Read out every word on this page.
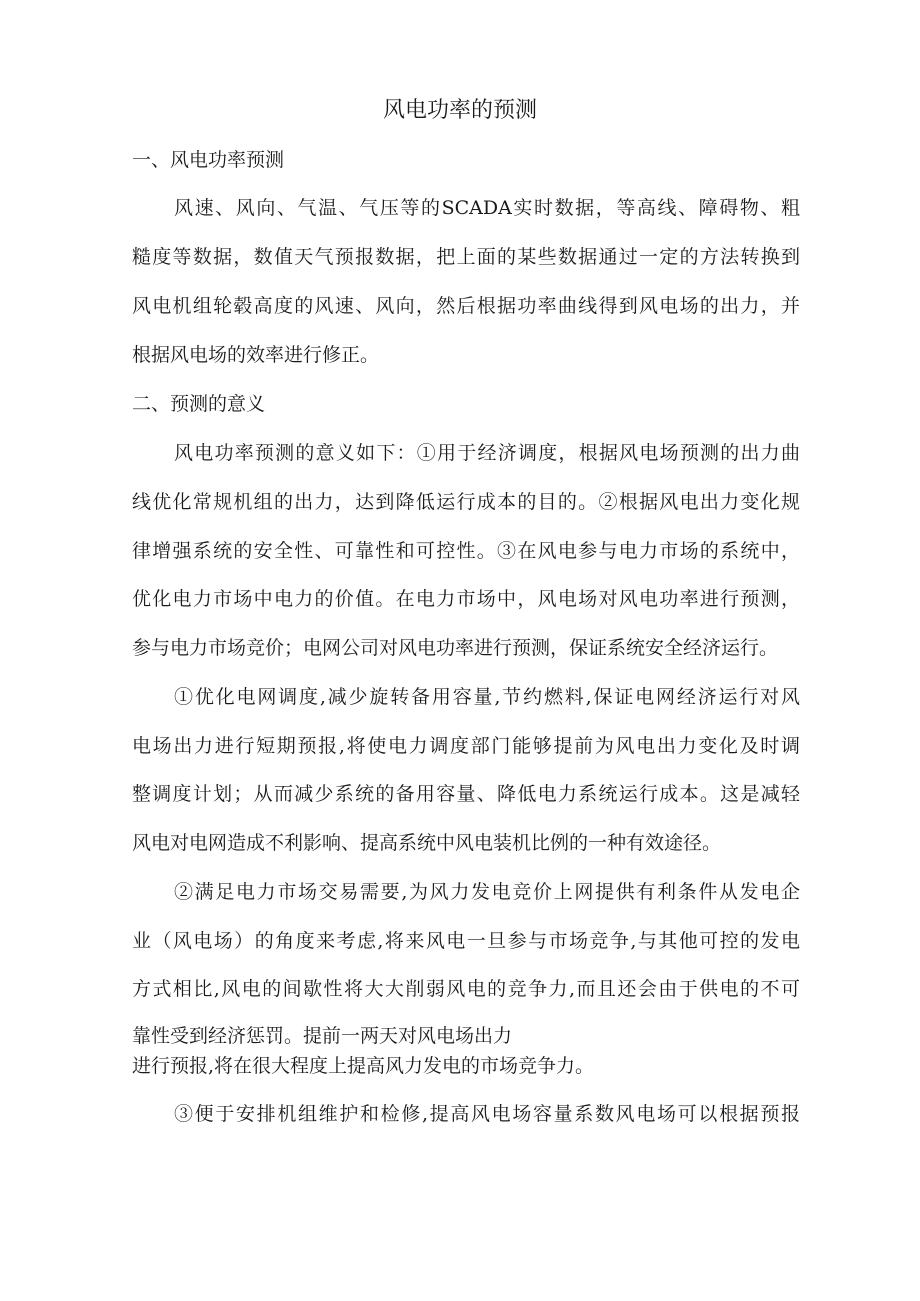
风电功率的预测

一、风电功率预测

风速、风向、气温、气压等的SCADA实时数据，等高线、障碍物、粗

糙度等数据，数值天气预报数据，把上面的某些数据通过一定的方法转换到

风电机组轮毂高度的风速、风向，然后根据功率曲线得到风电场的出力，并

根据风电场的效率进行修正。

二、预测的意义

风电功率预测的意义如下：①用于经济调度，根据风电场预测的出力曲

线优化常规机组的出力，达到降低运行成本的目的。②根据风电出力变化规

律增强系统的安全性、可靠性和可控性。③在风电参与电力市场的系统中，

优化电力市场中电力的价值。在电力市场中，风电场对风电功率进行预测，

参与电力市场竞价；电网公司对风电功率进行预测，保证系统安全经济运行。

①优化电网调度,减少旋转备用容量,节约燃料,保证电网经济运行对风

电场出力进行短期预报,将使电力调度部门能够提前为风电出力变化及时调

整调度计划；从而减少系统的备用容量、降低电力系统运行成本。这是减轻

风电对电网造成不利影响、提高系统中风电装机比例的一种有效途径。

②满足电力市场交易需要,为风力发电竞价上网提供有利条件从发电企

业（风电场）的角度来考虑,将来风电一旦参与市场竞争,与其他可控的发电

方式相比,风电的间歇性将大大削弱风电的竞争力,而且还会由于供电的不可

靠性受到经济惩罚。提前一两天对风电场出力

进行预报,将在很大程度上提高风力发电的市场竞争力。

③便于安排机组维护和检修,提高风电场容量系数风电场可以根据预报
